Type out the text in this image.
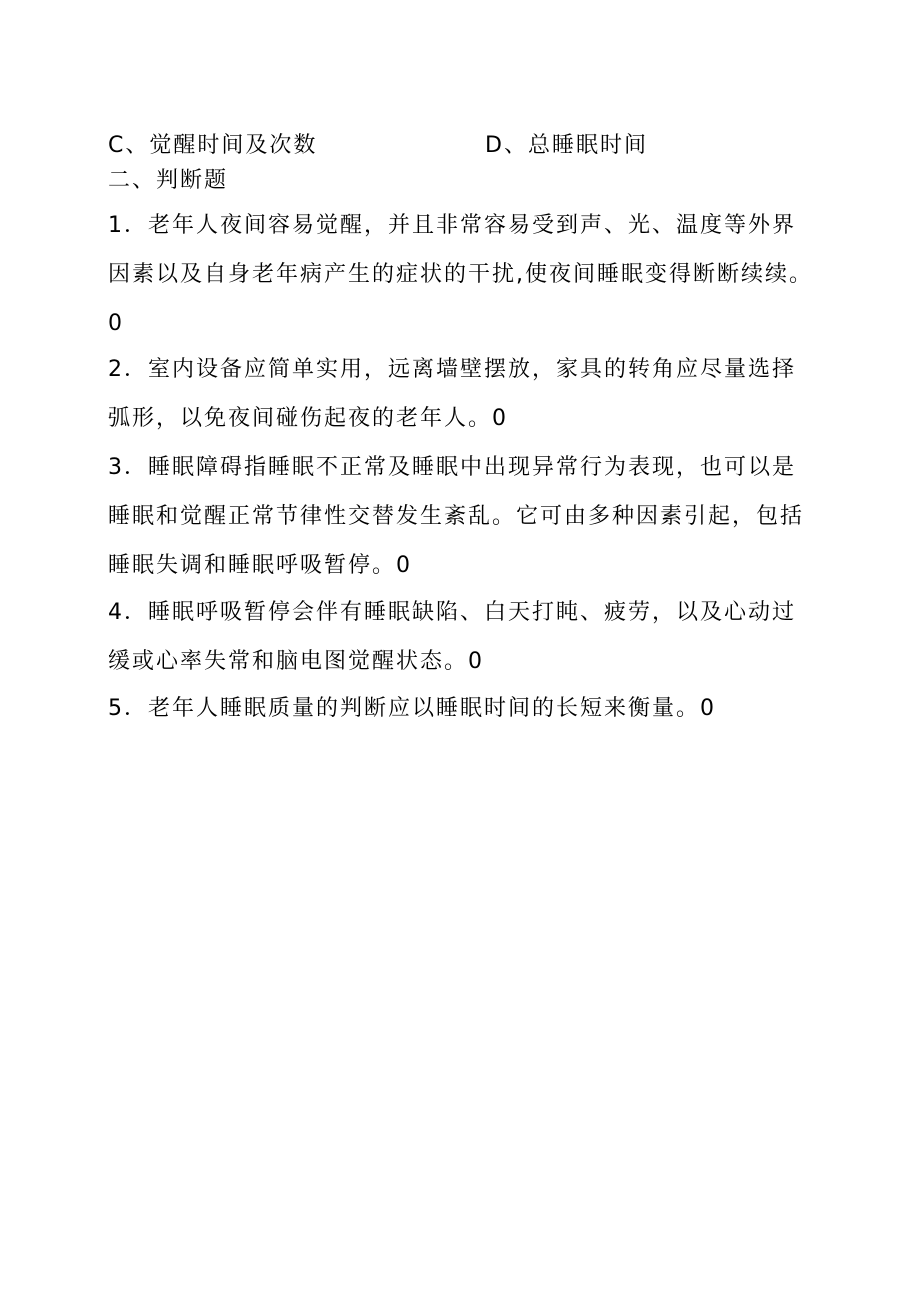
C、觉醒时间及次数	D、总睡眠时间
二、判断题
1．老年人夜间容易觉醒，并且非常容易受到声、光、温度等外界
因素以及自身老年病产生的症状的干扰,使夜间睡眠变得断断续续。
0
2．室内设备应简单实用，远离墙壁摆放，家具的转角应尽量选择
弧形，以免夜间碰伤起夜的老年人。0
3．睡眠障碍指睡眠不正常及睡眠中出现异常行为表现，也可以是
睡眠和觉醒正常节律性交替发生紊乱。它可由多种因素引起，包括
睡眠失调和睡眠呼吸暂停。0
4．睡眠呼吸暂停会伴有睡眠缺陷、白天打盹、疲劳，以及心动过
缓或心率失常和脑电图觉醒状态。0
5．老年人睡眠质量的判断应以睡眠时间的长短来衡量。0
